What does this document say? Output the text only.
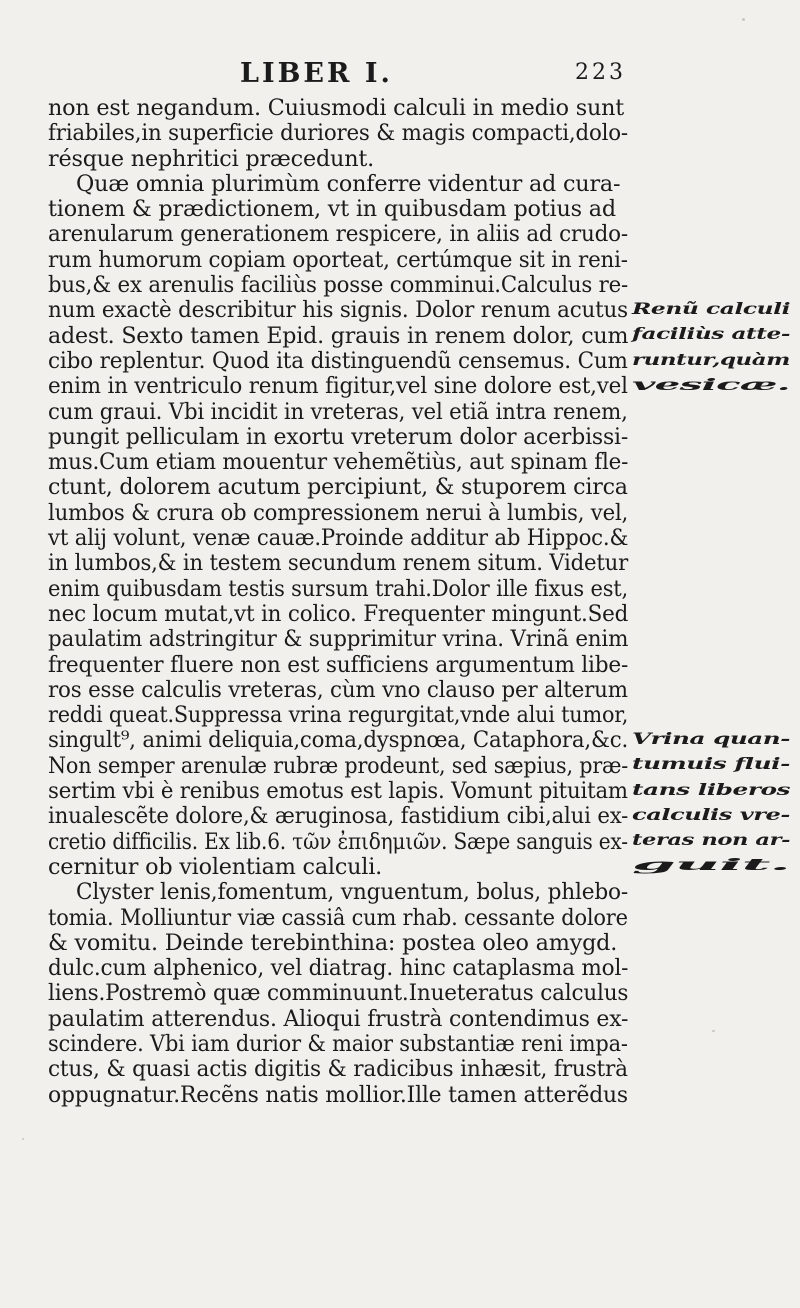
LIBER I.	223
non est negandum. Cuiusmodi calculi in medio sunt
friabiles,in superficie duriores & magis compacti,dolo-
résque nephritici præcedunt.
Quæ omnia plurimùm conferre videntur ad cura-
tionem & prædictionem, vt in quibusdam potius ad
arenularum generationem respicere, in aliis ad crudo-
rum humorum copiam oporteat, certúmque sit in reni-
bus,& ex arenulis faciliùs posse comminui.Calculus re-
num exactè describitur his signis. Dolor renum acutus
adest. Sexto tamen Epid. grauis in renem dolor, cum
cibo replentur. Quod ita distinguendũ censemus. Cum
enim in ventriculo renum figitur,vel sine dolore est,vel
cum graui. Vbi incidit in vreteras, vel etiã intra renem,
pungit pelliculam in exortu vreterum dolor acerbissi-
mus.Cum etiam mouentur vehemẽtiùs, aut spinam fle-
ctunt, dolorem acutum percipiunt, & stuporem circa
lumbos & crura ob compressionem nerui à lumbis, vel,
vt alij volunt, venæ cauæ.Proinde additur ab Hippoc.&
in lumbos,& in testem secundum renem situm. Videtur
enim quibusdam testis sursum trahi.Dolor ille fixus est,
nec locum mutat,vt in colico. Frequenter mingunt.Sed
paulatim adstringitur & supprimitur vrina. Vrinã enim
frequenter fluere non est sufficiens argumentum libe-
ros esse calculis vreteras, cùm vno clauso per alterum
reddi queat.Suppressa vrina regurgitat,vnde alui tumor,
singult⁹, animi deliquia,coma,dyspnœa, Cataphora,&c.
Non semper arenulæ rubræ prodeunt, sed sæpius, præ-
sertim vbi è renibus emotus est lapis. Vomunt pituitam
inualescẽte dolore,& æruginosa, fastidium cibi,alui ex-
cretio difficilis. Ex lib.6. τῶν ἐπιδημιῶν. Sæpe sanguis ex-
cernitur ob violentiam calculi.
Clyster lenis,fomentum, vnguentum, bolus, phlebo-
tomia. Molliuntur viæ cassiâ cum rhab. cessante dolore
& vomitu. Deinde terebinthina: postea oleo amygd.
dulc.cum alphenico, vel diatrag. hinc cataplasma mol-
liens.Postremò quæ comminuunt.Inueteratus calculus
paulatim atterendus. Alioqui frustrà contendimus ex-
scindere. Vbi iam durior & maior substantiæ reni impa-
ctus, & quasi actis digitis & radicibus inhæsit, frustrà
oppugnatur.Recẽns natis mollior.Ille tamen atterẽdus
Renũ calculi
faciliùs atte-
runtur,quàm
vesicæ.
Vrina quan-
tumuis flui-
tans liberos
calculis vre-
teras non ar-
guit.
